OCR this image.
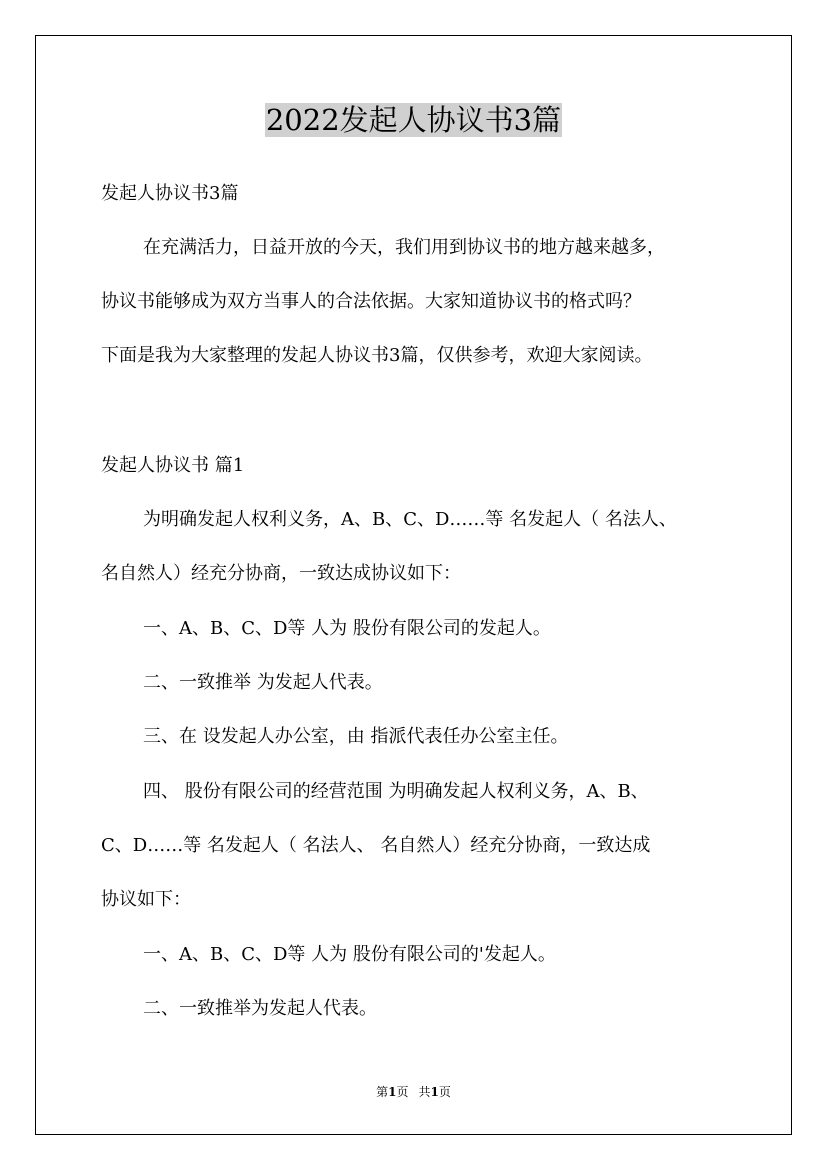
2022发起人协议书3篇
发起人协议书3篇
在充满活力，日益开放的今天，我们用到协议书的地方越来越多，
协议书能够成为双方当事人的合法依据。大家知道协议书的格式吗？
下面是我为大家整理的发起人协议书3篇，仅供参考，欢迎大家阅读。
发起人协议书 篇1
为明确发起人权利义务，A、B、C、D……等 名发起人（ 名法人、
名自然人）经充分协商，一致达成协议如下：
一、A、B、C、D等 人为 股份有限公司的发起人。
二、一致推举 为发起人代表。
三、在 设发起人办公室，由 指派代表任办公室主任。
四、 股份有限公司的经营范围 为明确发起人权利义务，A、B、
C、D……等 名发起人（ 名法人、 名自然人）经充分协商，一致达成
协议如下：
一、A、B、C、D等 人为 股份有限公司的'发起人。
二、一致推举为发起人代表。
第1页 共1页
